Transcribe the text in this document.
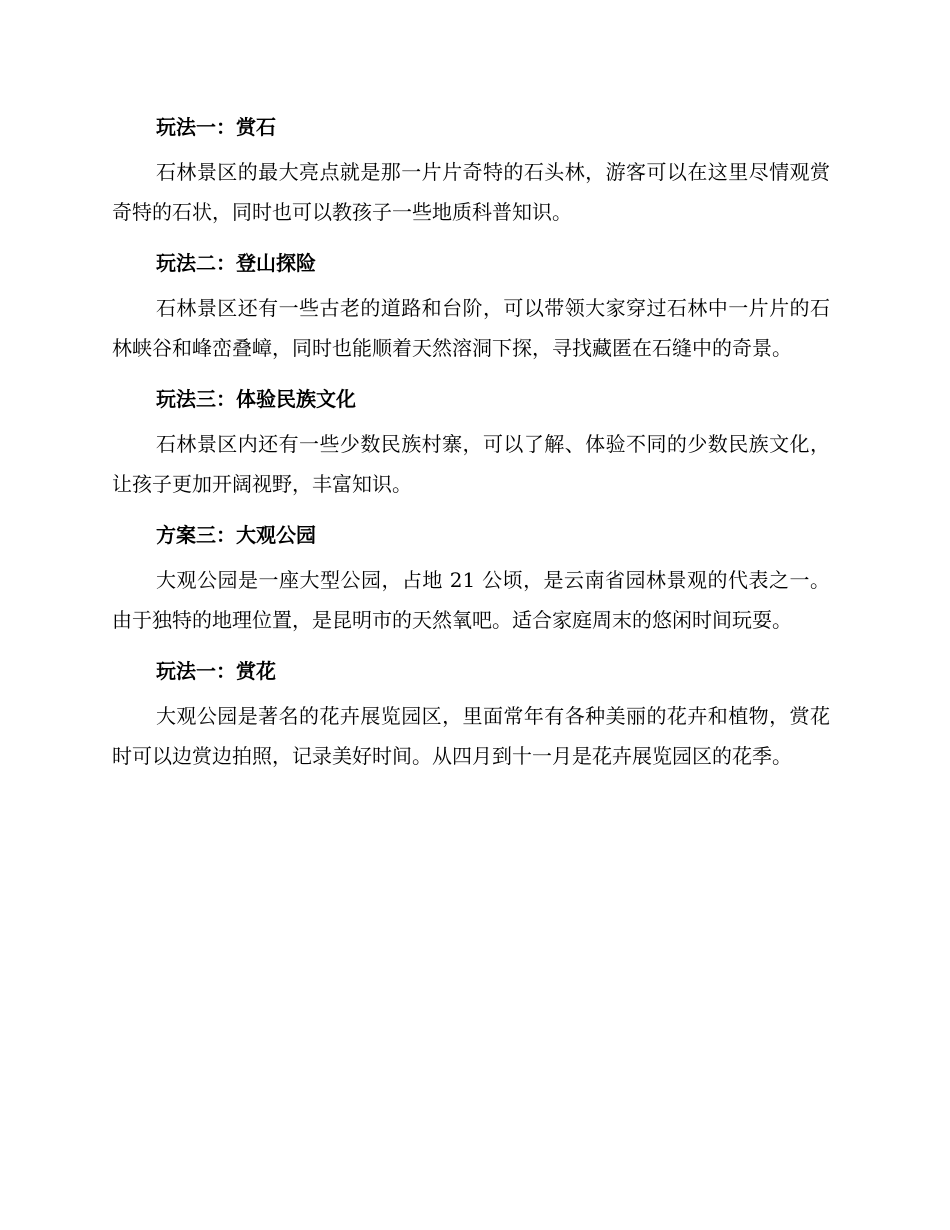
玩法一：赏石

石林景区的最大亮点就是那一片片奇特的石头林，游客可以在这里尽情观赏奇特的石状，同时也可以教孩子一些地质科普知识。

玩法二：登山探险

石林景区还有一些古老的道路和台阶，可以带领大家穿过石林中一片片的石林峡谷和峰峦叠嶂，同时也能顺着天然溶洞下探，寻找藏匿在石缝中的奇景。

玩法三：体验民族文化

石林景区内还有一些少数民族村寨，可以了解、体验不同的少数民族文化，让孩子更加开阔视野，丰富知识。

方案三：大观公园

大观公园是一座大型公园，占地 21 公顷，是云南省园林景观的代表之一。由于独特的地理位置，是昆明市的天然氧吧。适合家庭周末的悠闲时间玩耍。

玩法一：赏花

大观公园是著名的花卉展览园区，里面常年有各种美丽的花卉和植物，赏花时可以边赏边拍照，记录美好时间。从四月到十一月是花卉展览园区的花季。
